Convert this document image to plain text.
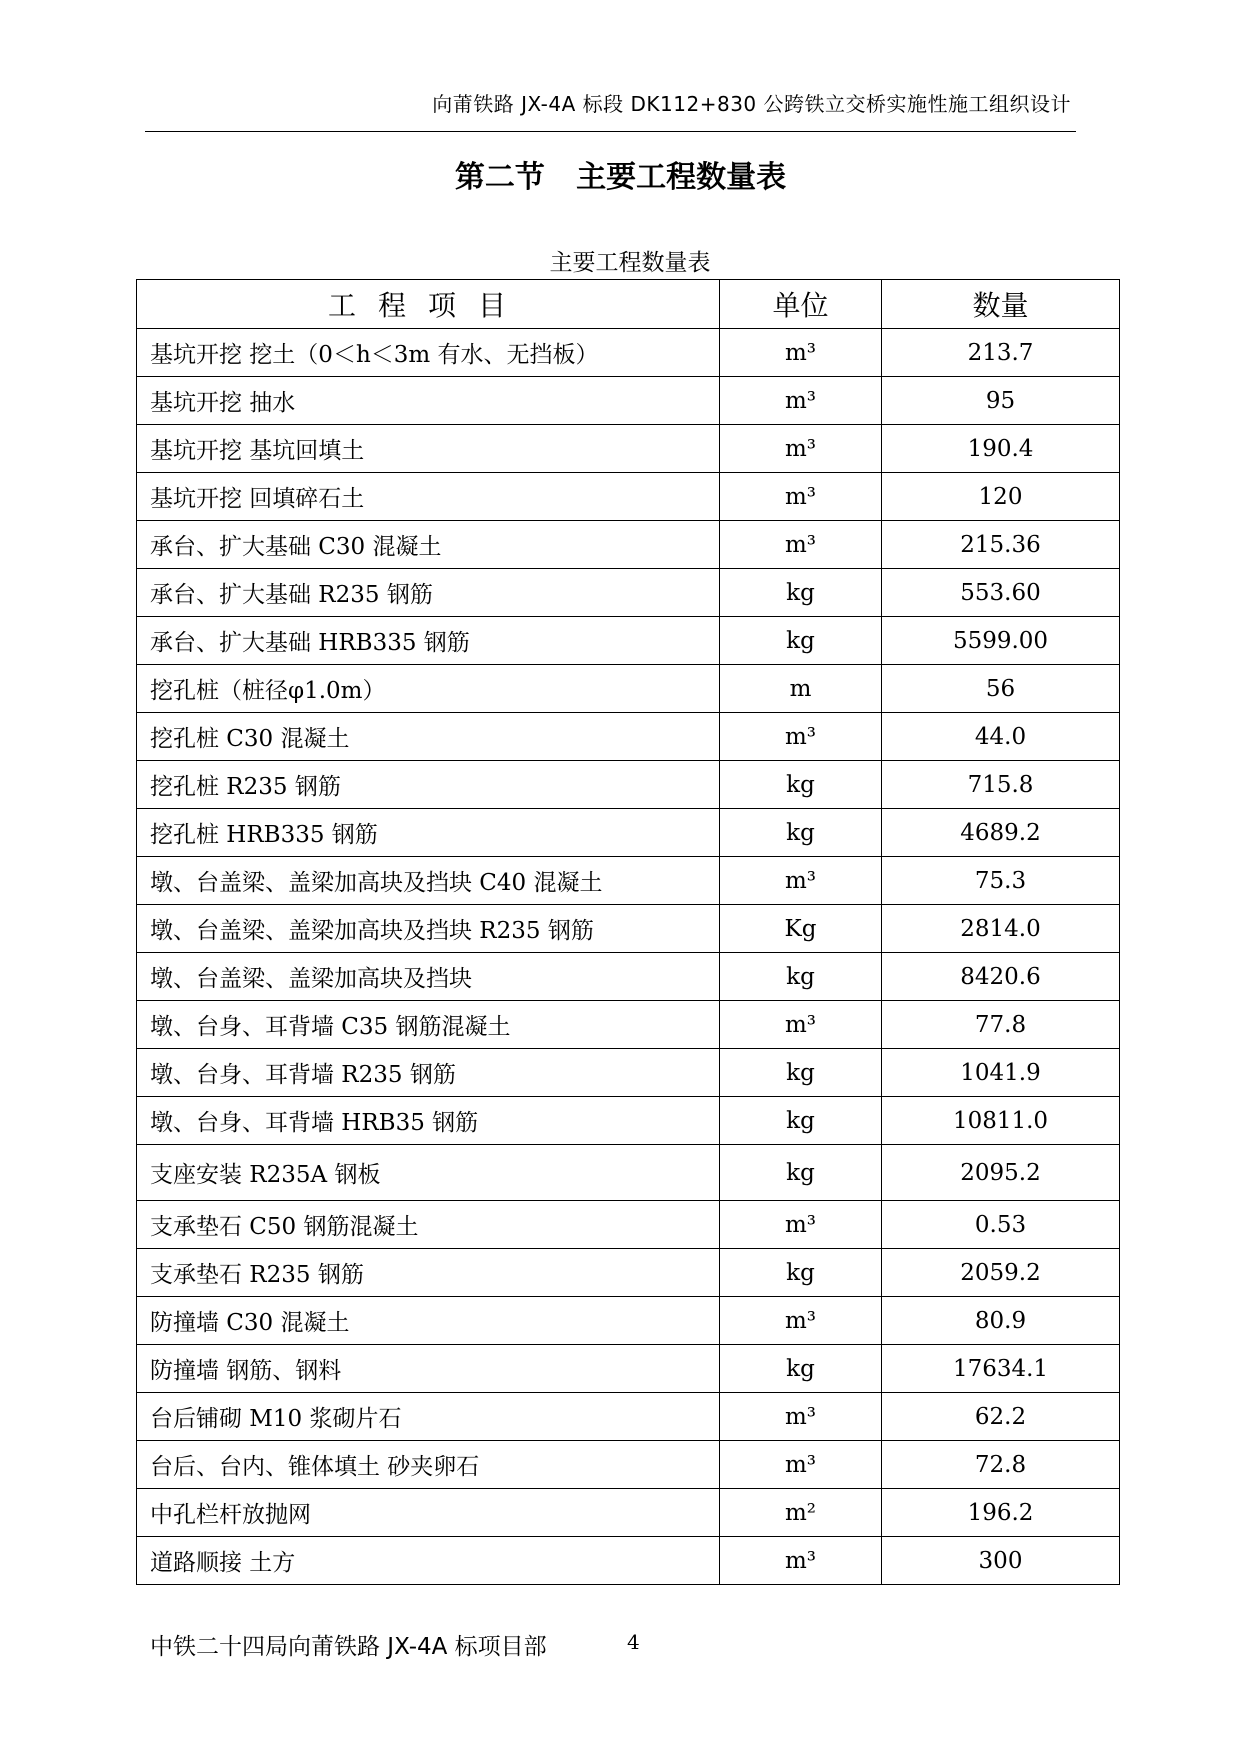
向莆铁路 JX-4A 标段 DK112+830 公跨铁立交桥实施性施工组织设计
第二节   主要工程数量表
主要工程数量表
工程项目	单位	数量
基坑开挖 挖土（0＜h＜3m 有水、无挡板）	m³	213.7
基坑开挖 抽水	m³	95
基坑开挖 基坑回填土	m³	190.4
基坑开挖 回填碎石土	m³	120
承台、扩大基础 C30 混凝土	m³	215.36
承台、扩大基础 R235 钢筋	kg	553.60
承台、扩大基础 HRB335 钢筋	kg	5599.00
挖孔桩（桩径φ1.0m）	m	56
挖孔桩 C30 混凝土	m³	44.0
挖孔桩 R235 钢筋	kg	715.8
挖孔桩 HRB335 钢筋	kg	4689.2
墩、台盖梁、盖梁加高块及挡块 C40 混凝土	m³	75.3
墩、台盖梁、盖梁加高块及挡块 R235 钢筋	Kg	2814.0
墩、台盖梁、盖梁加高块及挡块	kg	8420.6
墩、台身、耳背墙 C35 钢筋混凝土	m³	77.8
墩、台身、耳背墙 R235 钢筋	kg	1041.9
墩、台身、耳背墙 HRB35 钢筋	kg	10811.0
支座安装 R235A 钢板	kg	2095.2
支承垫石 C50 钢筋混凝土	m³	0.53
支承垫石 R235 钢筋	kg	2059.2
防撞墙 C30 混凝土	m³	80.9
防撞墙 钢筋、钢料	kg	17634.1
台后铺砌 M10 浆砌片石	m³	62.2
台后、台内、锥体填土 砂夹卵石	m³	72.8
中孔栏杆放抛网	m²	196.2
道路顺接 土方	m³	300
中铁二十四局向莆铁路 JX-4A 标项目部	4
